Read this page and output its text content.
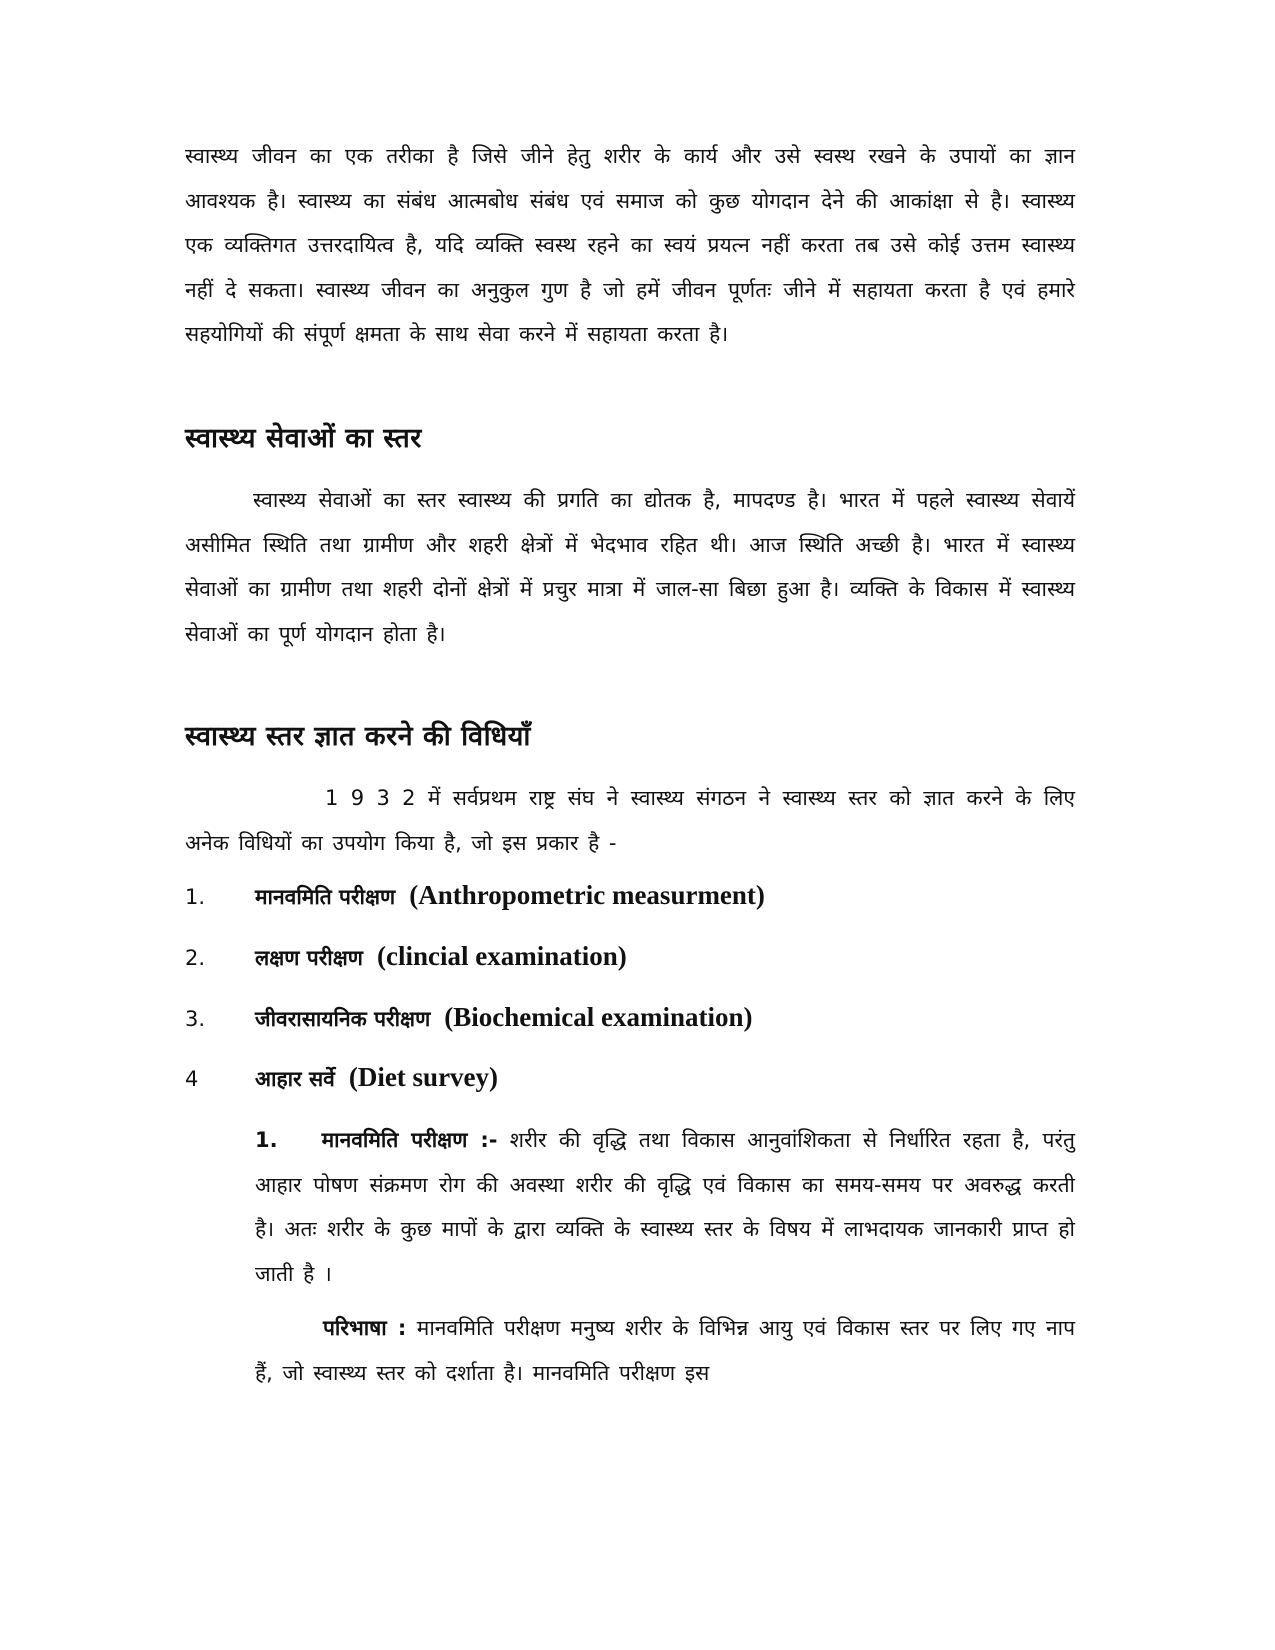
स्वास्थ्य जीवन का एक तरीका है जिसे जीने हेतु शरीर के कार्य और उसे स्वस्थ रखने के उपायों का ज्ञान आवश्यक है। स्वास्थ्य का संबंध आत्मबोध संबंध एवं समाज को कुछ योगदान देने की आकांक्षा से है। स्वास्थ्य एक व्यक्तिगत उत्तरदायित्व है, यदि व्यक्ति स्वस्थ रहने का स्वयं प्रयत्न नहीं करता तब उसे कोई उत्तम स्वास्थ्य नहीं दे सकता। स्वास्थ्य जीवन का अनुकुल गुण है जो हमें जीवन पूर्णतः जीने में सहायता करता है एवं हमारे सहयोगियों की संपूर्ण क्षमता के साथ सेवा करने में सहायता करता है।

स्वास्थ्य सेवाओं का स्तर

स्वास्थ्य सेवाओं का स्तर स्वास्थ्य की प्रगति का द्योतक है, मापदण्ड है। भारत में पहले स्वास्थ्य सेवायें असीमित स्थिति तथा ग्रामीण और शहरी क्षेत्रों में भेदभाव रहित थी। आज स्थिति अच्छी है। भारत में स्वास्थ्य सेवाओं का ग्रामीण तथा शहरी दोनों क्षेत्रों में प्रचुर मात्रा में जाल-सा बिछा हुआ है। व्यक्ति के विकास में स्वास्थ्य सेवाओं का पूर्ण योगदान होता है।

स्वास्थ्य स्तर ज्ञात करने की विधियाँ

1 9 3 2 में सर्वप्रथम राष्ट्र संघ ने स्वास्थ्य संगठन ने स्वास्थ्य स्तर को ज्ञात करने के लिए अनेक विधियों का उपयोग किया है, जो इस प्रकार है -

1.	मानवमिति परीक्षण (Anthropometric measurment)
2.	लक्षण परीक्षण (clincial examination)
3.	जीवरासायनिक परीक्षण (Biochemical examination)
4	आहार सर्वे (Diet survey)

1. मानवमिति परीक्षण :- शरीर की वृद्धि तथा विकास आनुवांशिकता से निर्धारित रहता है, परंतु आहार पोषण संक्रमण रोग की अवस्था शरीर की वृद्धि एवं विकास का समय-समय पर अवरुद्ध करती है। अतः शरीर के कुछ मापों के द्वारा व्यक्ति के स्वास्थ्य स्तर के विषय में लाभदायक जानकारी प्राप्त हो जाती है ।

परिभाषा : मानवमिति परीक्षण मनुष्य शरीर के विभिन्न आयु एवं विकास स्तर पर लिए गए नाप हैं, जो स्वास्थ्य स्तर को दर्शाता है। मानवमिति परीक्षण इस
